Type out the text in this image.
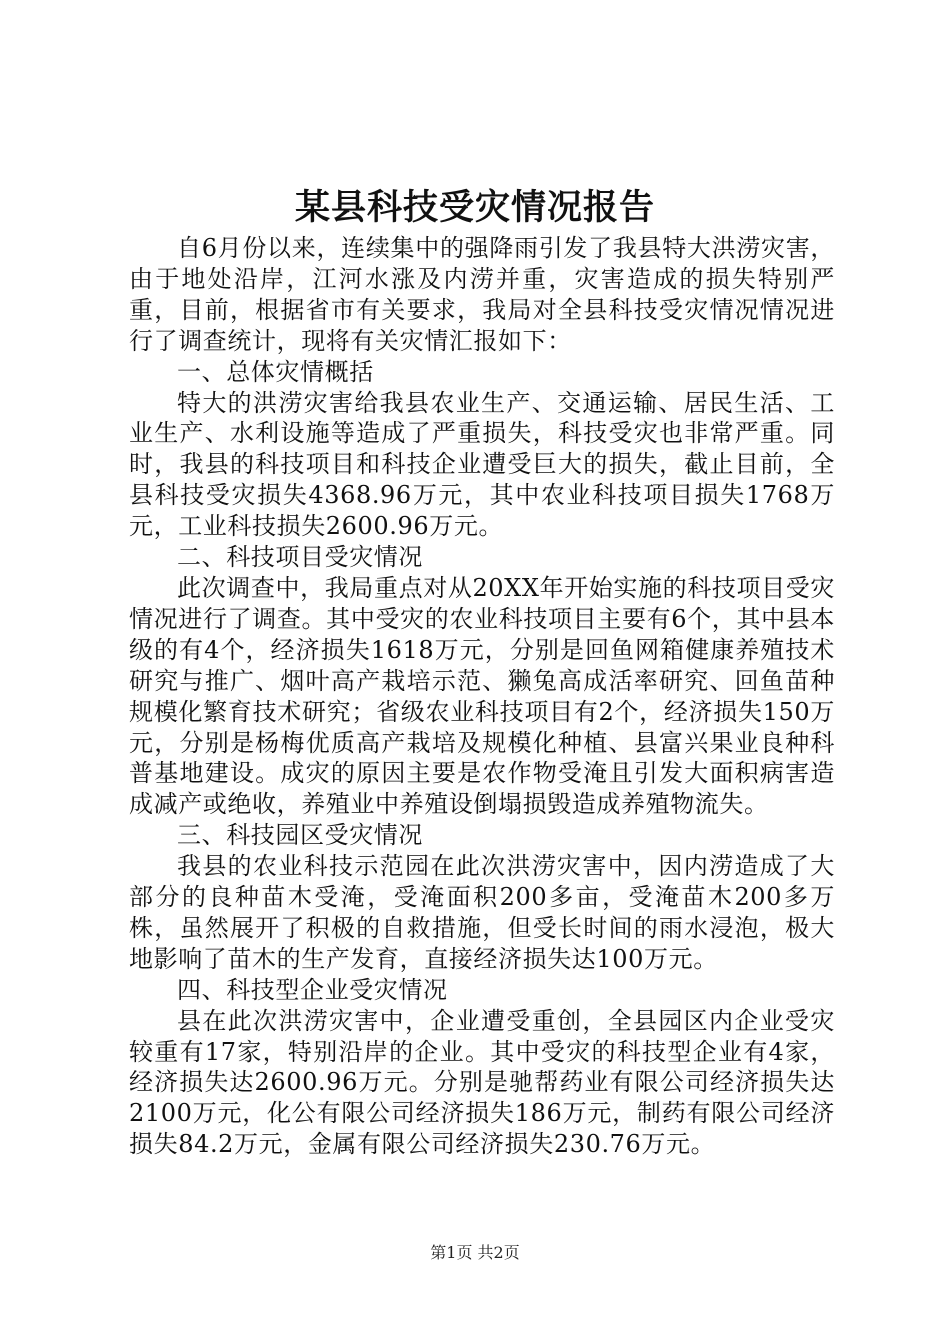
某县科技受灾情况报告

自6月份以来，连续集中的强降雨引发了我县特大洪涝灾害，由于地处沿岸，江河水涨及内涝并重，灾害造成的损失特别严重，目前，根据省市有关要求，我局对全县科技受灾情况情况进行了调查统计，现将有关灾情汇报如下：

一、总体灾情概括

特大的洪涝灾害给我县农业生产、交通运输、居民生活、工业生产、水利设施等造成了严重损失，科技受灾也非常严重。同时，我县的科技项目和科技企业遭受巨大的损失，截止目前，全县科技受灾损失4368.96万元，其中农业科技项目损失1768万元，工业科技损失2600.96万元。

二、科技项目受灾情况

此次调查中，我局重点对从20XX年开始实施的科技项目受灾情况进行了调查。其中受灾的农业科技项目主要有6个，其中县本级的有4个，经济损失1618万元，分别是回鱼网箱健康养殖技术研究与推广、烟叶高产栽培示范、獭兔高成活率研究、回鱼苗种规模化繁育技术研究；省级农业科技项目有2个，经济损失150万元，分别是杨梅优质高产栽培及规模化种植、县富兴果业良种科普基地建设。成灾的原因主要是农作物受淹且引发大面积病害造成减产或绝收，养殖业中养殖设倒塌损毁造成养殖物流失。

三、科技园区受灾情况

我县的农业科技示范园在此次洪涝灾害中，因内涝造成了大部分的良种苗木受淹，受淹面积200多亩，受淹苗木200多万株，虽然展开了积极的自救措施，但受长时间的雨水浸泡，极大地影响了苗木的生产发育，直接经济损失达100万元。

四、科技型企业受灾情况

县在此次洪涝灾害中，企业遭受重创，全县园区内企业受灾较重有17家，特别沿岸的企业。其中受灾的科技型企业有4家，经济损失达2600.96万元。分别是驰帮药业有限公司经济损失达2100万元，化公有限公司经济损失186万元，制药有限公司经济损失84.2万元，金属有限公司经济损失230.76万元。

第1页 共2页
